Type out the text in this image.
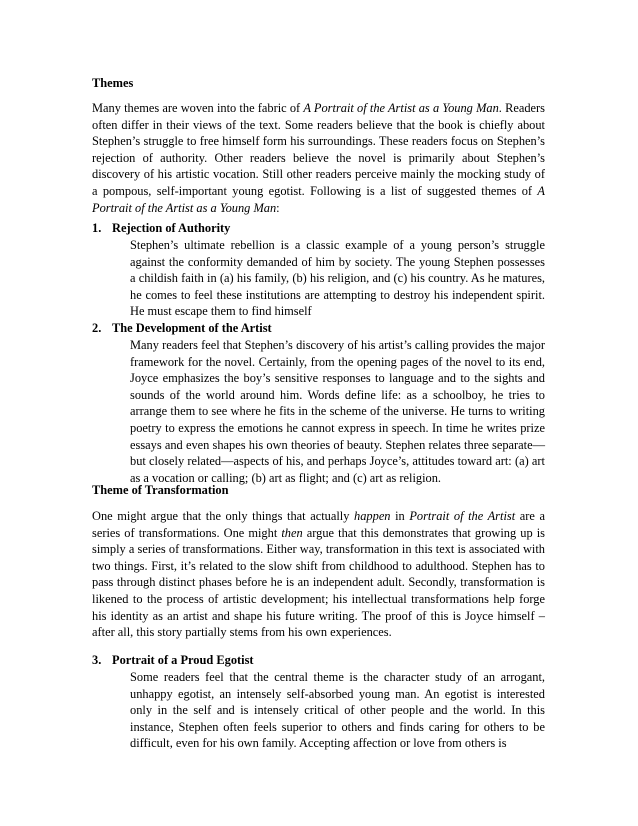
Themes
Many themes are woven into the fabric of A Portrait of the Artist as a Young Man. Readers often differ in their views of the text. Some readers believe that the book is chiefly about Stephen’s struggle to free himself form his surroundings. These readers focus on Stephen’s rejection of authority. Other readers believe the novel is primarily about Stephen’s discovery of his artistic vocation. Still other readers perceive mainly the mocking study of a pompous, self-important young egotist. Following is a list of suggested themes of A Portrait of the Artist as a Young Man:
1. Rejection of Authority
Stephen’s ultimate rebellion is a classic example of a young person’s struggle against the conformity demanded of him by society. The young Stephen possesses a childish faith in (a) his family, (b) his religion, and (c) his country. As he matures, he comes to feel these institutions are attempting to destroy his independent spirit. He must escape them to find himself
2. The Development of the Artist
Many readers feel that Stephen’s discovery of his artist’s calling provides the major framework for the novel. Certainly, from the opening pages of the novel to its end, Joyce emphasizes the boy’s sensitive responses to language and to the sights and sounds of the world around him. Words define life: as a schoolboy, he tries to arrange them to see where he fits in the scheme of the universe. He turns to writing poetry to express the emotions he cannot express in speech. In time he writes prize essays and even shapes his own theories of beauty. Stephen relates three separate—but closely related—aspects of his, and perhaps Joyce’s, attitudes toward art: (a) art as a vocation or calling; (b) art as flight; and (c) art as religion.
Theme of Transformation
One might argue that the only things that actually happen in Portrait of the Artist are a series of transformations. One might then argue that this demonstrates that growing up is simply a series of transformations. Either way, transformation in this text is associated with two things. First, it’s related to the slow shift from childhood to adulthood. Stephen has to pass through distinct phases before he is an independent adult. Secondly, transformation is likened to the process of artistic development; his intellectual transformations help forge his identity as an artist and shape his future writing. The proof of this is Joyce himself – after all, this story partially stems from his own experiences.
3. Portrait of a Proud Egotist
Some readers feel that the central theme is the character study of an arrogant, unhappy egotist, an intensely self-absorbed young man. An egotist is interested only in the self and is intensely critical of other people and the world. In this instance, Stephen often feels superior to others and finds caring for others to be difficult, even for his own family. Accepting affection or love from others is
